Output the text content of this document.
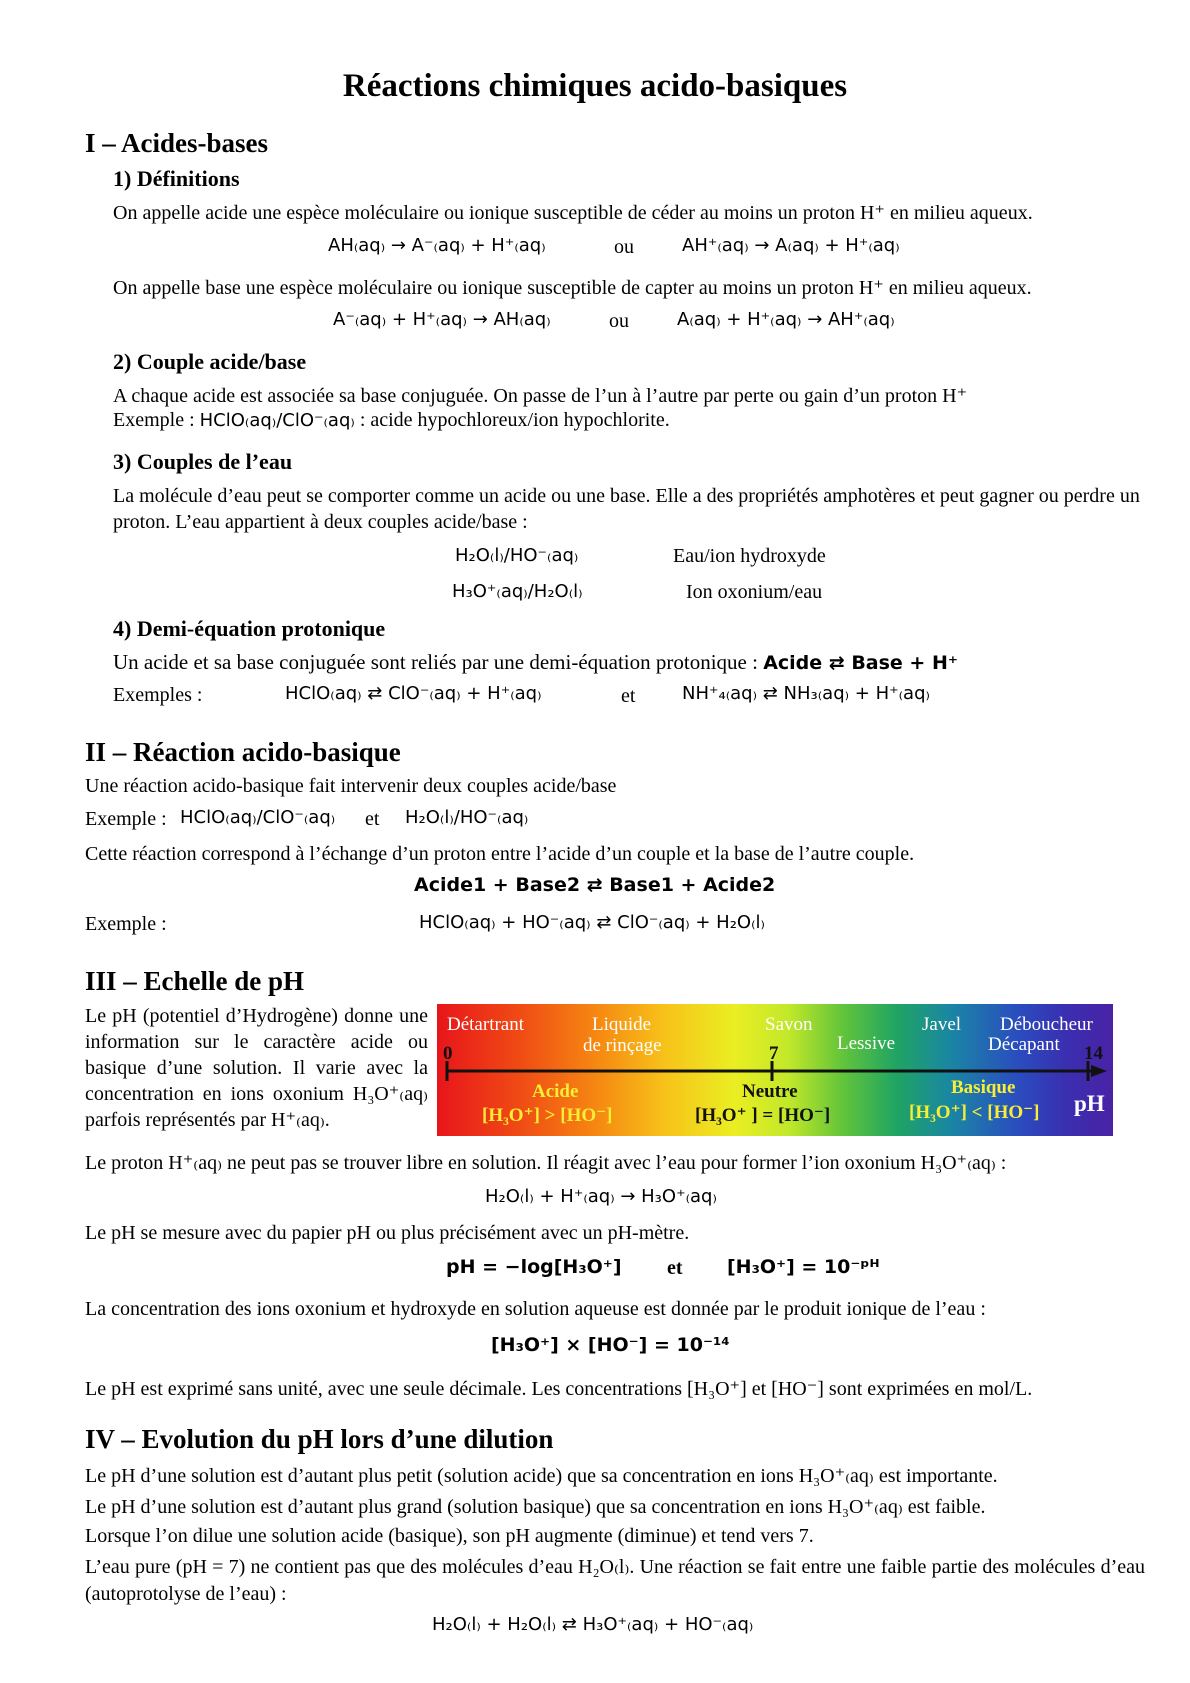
Réactions chimiques acido-basiques
I – Acides-bases
1) Définitions
On appelle acide une espèce moléculaire ou ionique susceptible de céder au moins un proton H⁺ en milieu aqueux.
AH₍aq₎ → A⁻₍aq₎ + H⁺₍aq₎	ou	AH⁺₍aq₎ → A₍aq₎ + H⁺₍aq₎
On appelle base une espèce moléculaire ou ionique susceptible de capter au moins un proton H⁺ en milieu aqueux.
A⁻₍aq₎ + H⁺₍aq₎ → AH₍aq₎	ou	A₍aq₎ + H⁺₍aq₎ → AH⁺₍aq₎
2) Couple acide/base
A chaque acide est associée sa base conjuguée. On passe de l’un à l’autre par perte ou gain d’un proton H⁺
Exemple : HClO₍aq₎/ClO⁻₍aq₎ : acide hypochloreux/ion hypochlorite.
3) Couples de l’eau
La molécule d’eau peut se comporter comme un acide ou une base. Elle a des propriétés amphotères et peut gagner ou perdre un proton. L’eau appartient à deux couples acide/base :
H₂O₍l₎/HO⁻₍aq₎	Eau/ion hydroxyde
H₃O⁺₍aq₎/H₂O₍l₎	Ion oxonium/eau
4) Demi-équation protonique
Un acide et sa base conjuguée sont reliés par une demi-équation protonique : Acide ⇄ Base + H⁺
Exemples :	HClO₍aq₎ ⇄ ClO⁻₍aq₎ + H⁺₍aq₎	et	NH⁺₄₍aq₎ ⇄ NH₃₍aq₎ + H⁺₍aq₎
II – Réaction acido-basique
Une réaction acido-basique fait intervenir deux couples acide/base
Exemple : HClO₍aq₎/ClO⁻₍aq₎ et H₂O₍l₎/HO⁻₍aq₎
Cette réaction correspond à l’échange d’un proton entre l’acide d’un couple et la base de l’autre couple.
Acide1 + Base2 ⇄ Base1 + Acide2
Exemple :	HClO₍aq₎ + HO⁻₍aq₎ ⇄ ClO⁻₍aq₎ + H₂O₍l₎
III – Echelle de pH
Le pH (potentiel d’Hydrogène) donne une information sur le caractère acide ou basique d’une solution. Il varie avec la concentration en ions oxonium H₃O⁺₍aq₎ parfois représentés par H⁺₍aq₎.
Détartrant	Liquide
de rinçage
Savon
Lessive
Javel Déboucheur
Décapant
0	7	14
Acide
[H₃O⁺] > [HO⁻]
Neutre
[H₃O⁺ ] = [HO⁻]
Basique
[H₃O⁺] < [HO⁻] pH
Le proton H⁺₍aq₎ ne peut pas se trouver libre en solution. Il réagit avec l’eau pour former l’ion oxonium H₃O⁺₍aq₎ :
H₂O₍l₎ + H⁺₍aq₎ → H₃O⁺₍aq₎
Le pH se mesure avec du papier pH ou plus précisément avec un pH-mètre.
pH = −log[H₃O⁺] et [H₃O⁺] = 10⁻ᵖᴴ
La concentration des ions oxonium et hydroxyde en solution aqueuse est donnée par le produit ionique de l’eau :
[H₃O⁺] × [HO⁻] = 10⁻¹⁴
Le pH est exprimé sans unité, avec une seule décimale. Les concentrations [H₃O⁺] et [HO⁻] sont exprimées en mol/L.
IV – Evolution du pH lors d’une dilution
Le pH d’une solution est d’autant plus petit (solution acide) que sa concentration en ions H₃O⁺₍aq₎ est importante.
Le pH d’une solution est d’autant plus grand (solution basique) que sa concentration en ions H₃O⁺₍aq₎ est faible.
Lorsque l’on dilue une solution acide (basique), son pH augmente (diminue) et tend vers 7.
L’eau pure (pH = 7) ne contient pas que des molécules d’eau H₂O₍l₎. Une réaction se fait entre une faible partie des molécules d’eau (autoprotolyse de l’eau) :
H₂O₍l₎ + H₂O₍l₎ ⇄ H₃O⁺₍aq₎ + HO⁻₍aq₎
